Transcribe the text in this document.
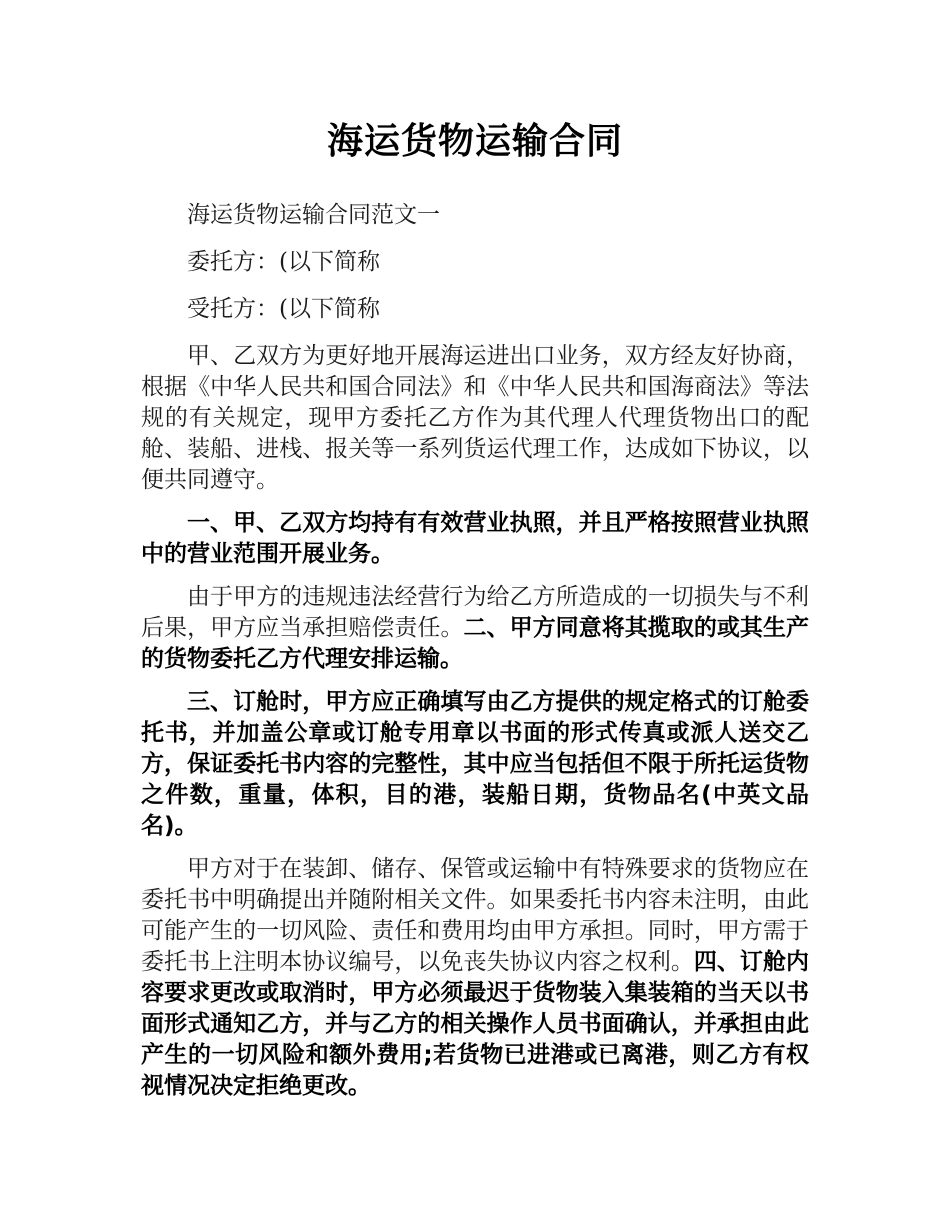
海运货物运输合同

海运货物运输合同范文一

委托方：(以下简称

受托方：(以下简称

甲、乙双方为更好地开展海运进出口业务，双方经友好协商，根据《中华人民共和国合同法》和《中华人民共和国海商法》等法规的有关规定，现甲方委托乙方作为其代理人代理货物出口的配舱、装船、进栈、报关等一系列货运代理工作，达成如下协议，以便共同遵守。

一、甲、乙双方均持有有效营业执照，并且严格按照营业执照中的营业范围开展业务。

由于甲方的违规违法经营行为给乙方所造成的一切损失与不利后果，甲方应当承担赔偿责任。二、甲方同意将其揽取的或其生产的货物委托乙方代理安排运输。

三、订舱时，甲方应正确填写由乙方提供的规定格式的订舱委托书，并加盖公章或订舱专用章以书面的形式传真或派人送交乙方，保证委托书内容的完整性，其中应当包括但不限于所托运货物之件数，重量，体积，目的港，装船日期，货物品名(中英文品名)。

甲方对于在装卸、储存、保管或运输中有特殊要求的货物应在委托书中明确提出并随附相关文件。如果委托书内容未注明，由此可能产生的一切风险、责任和费用均由甲方承担。同时，甲方需于委托书上注明本协议编号，以免丧失协议内容之权利。四、订舱内容要求更改或取消时，甲方必须最迟于货物装入集装箱的当天以书面形式通知乙方，并与乙方的相关操作人员书面确认，并承担由此产生的一切风险和额外费用;若货物已进港或已离港，则乙方有权视情况决定拒绝更改。
